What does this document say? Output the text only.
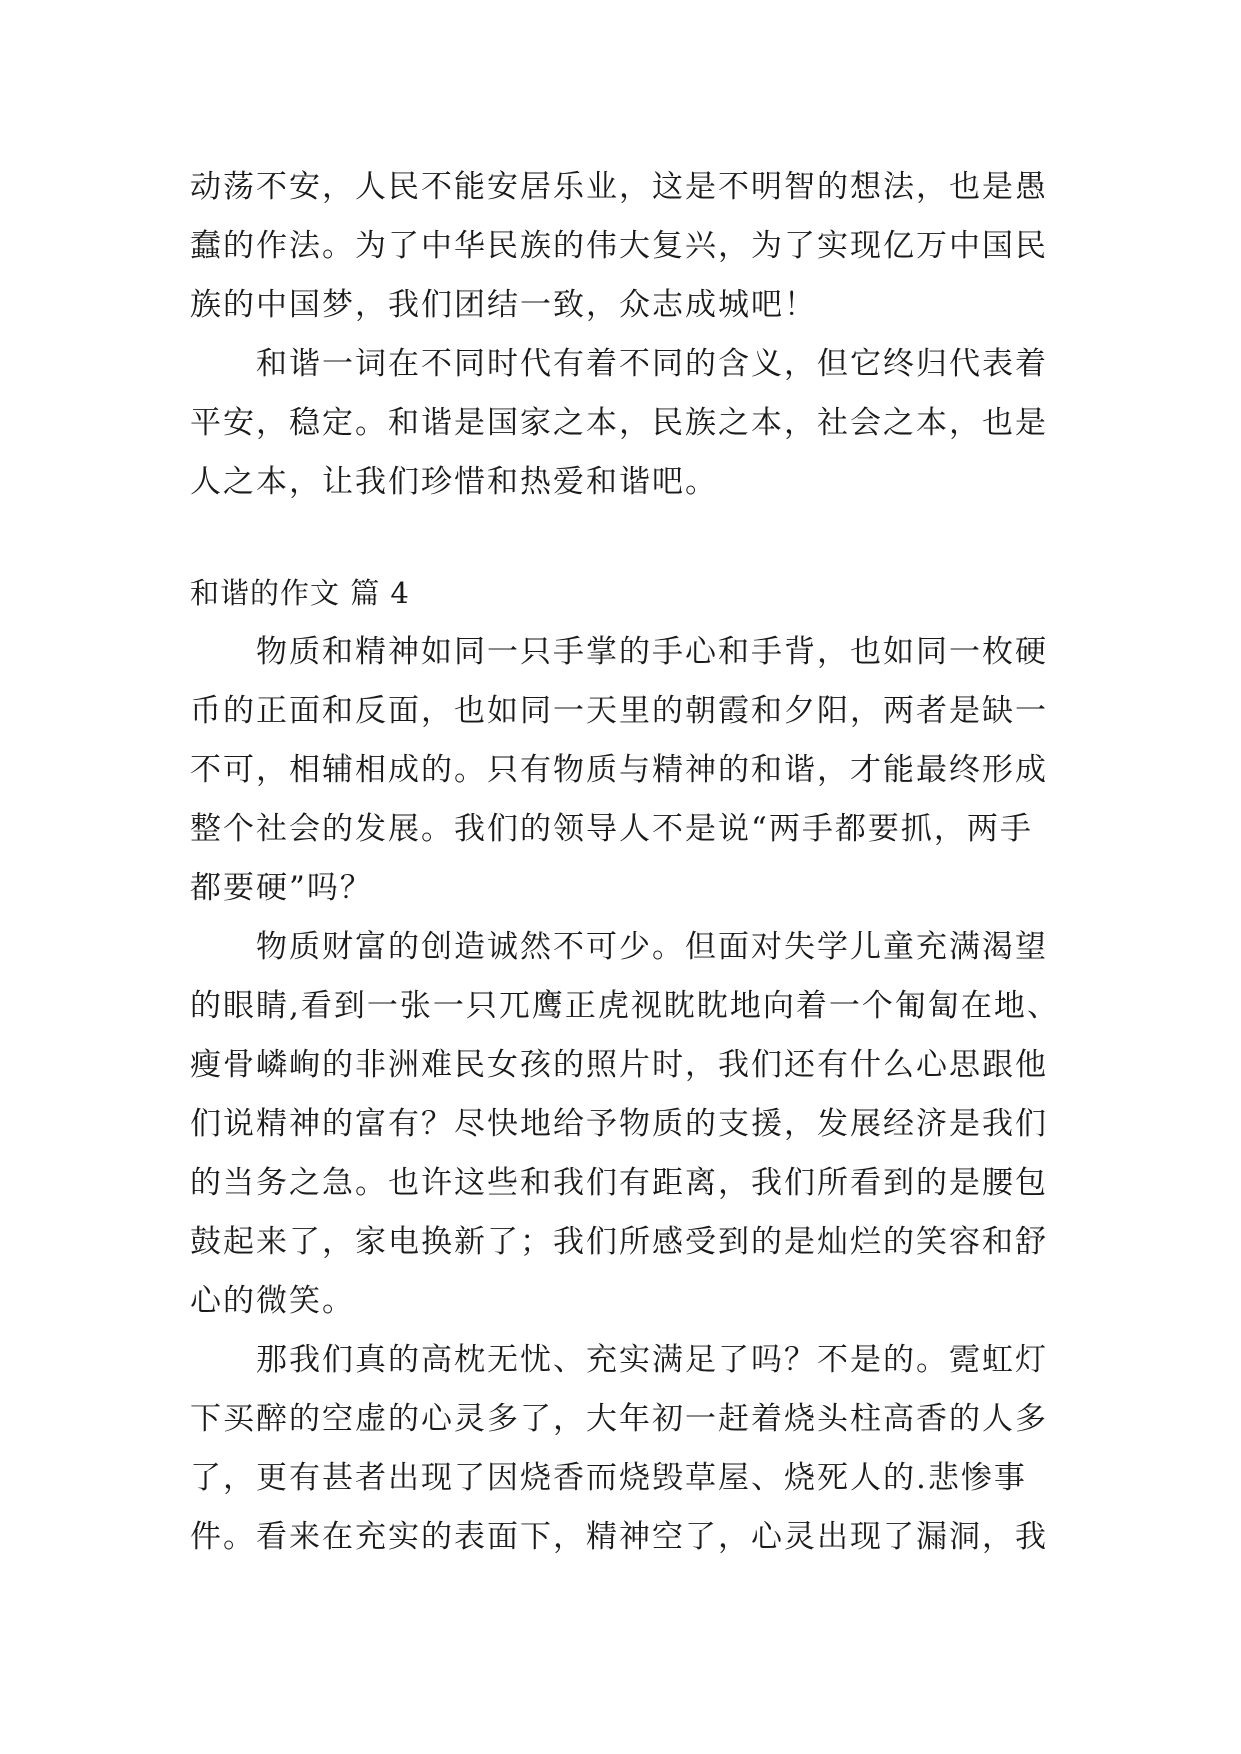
动荡不安，人民不能安居乐业，这是不明智的想法，也是愚
蠢的作法。为了中华民族的伟大复兴，为了实现亿万中国民
族的中国梦，我们团结一致，众志成城吧！
和谐一词在不同时代有着不同的含义，但它终归代表着
平安，稳定。和谐是国家之本，民族之本，社会之本，也是
人之本，让我们珍惜和热爱和谐吧。
和谐的作文 篇 4
物质和精神如同一只手掌的手心和手背，也如同一枚硬
币的正面和反面，也如同一天里的朝霞和夕阳，两者是缺一
不可，相辅相成的。只有物质与精神的和谐，才能最终形成
整个社会的发展。我们的领导人不是说“两手都要抓，两手
都要硬”吗？
物质财富的创造诚然不可少。但面对失学儿童充满渴望
的眼睛,看到一张一只兀鹰正虎视眈眈地向着一个匍匐在地、
瘦骨嶙峋的非洲难民女孩的照片时，我们还有什么心思跟他
们说精神的富有？尽快地给予物质的支援，发展经济是我们
的当务之急。也许这些和我们有距离，我们所看到的是腰包
鼓起来了，家电换新了；我们所感受到的是灿烂的笑容和舒
心的微笑。
那我们真的高枕无忧、充实满足了吗？不是的。霓虹灯
下买醉的空虚的心灵多了，大年初一赶着烧头柱高香的人多
了，更有甚者出现了因烧香而烧毁草屋、烧死人的.悲惨事
件。看来在充实的表面下，精神空了，心灵出现了漏洞，我
